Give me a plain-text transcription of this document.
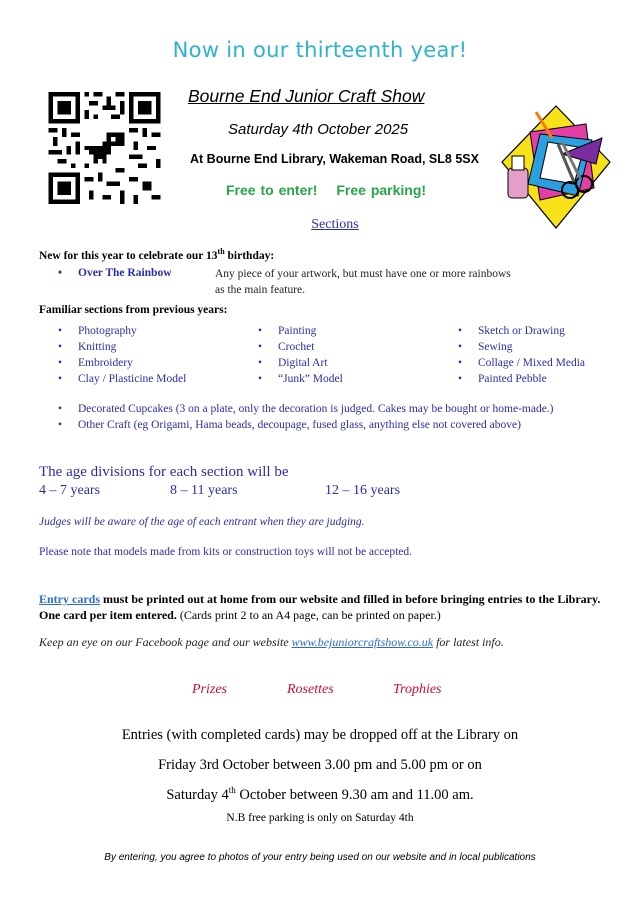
Now in our thirteenth year!
Bourne End Junior Craft Show
Saturday 4th October 2025
At Bourne End Library, Wakeman Road, SL8 5SX
Free to enter! Free parking!
Sections
New for this year to celebrate our 13th birthday:
• Over The Rainbow	Any piece of your artwork, but must have one or more rainbows as the main feature.
Familiar sections from previous years:
• Photography
• Knitting
• Embroidery
• Clay / Plasticine Model
• Painting
• Crochet
• Digital Art
• “Junk” Model
• Sketch or Drawing
• Sewing
• Collage / Mixed Media
• Painted Pebble
• Decorated Cupcakes (3 on a plate, only the decoration is judged. Cakes may be bought or home-made.)
• Other Craft (eg Origami, Hama beads, decoupage, fused glass, anything else not covered above)
The age divisions for each section will be
4 – 7 years	8 – 11 years	12 – 16 years
Judges will be aware of the age of each entrant when they are judging.
Please note that models made from kits or construction toys will not be accepted.
Entry cards must be printed out at home from our website and filled in before bringing entries to the Library. One card per item entered. (Cards print 2 to an A4 page, can be printed on paper.)
Keep an eye on our Facebook page and our website www.bejuniorcraftshow.co.uk for latest info.
Prizes	Rosettes	Trophies
Entries (with completed cards) may be dropped off at the Library on
Friday 3rd October between 3.00 pm and 5.00 pm or on
Saturday 4th October between 9.30 am and 11.00 am.
N.B free parking is only on Saturday 4th
By entering, you agree to photos of your entry being used on our website and in local publications
